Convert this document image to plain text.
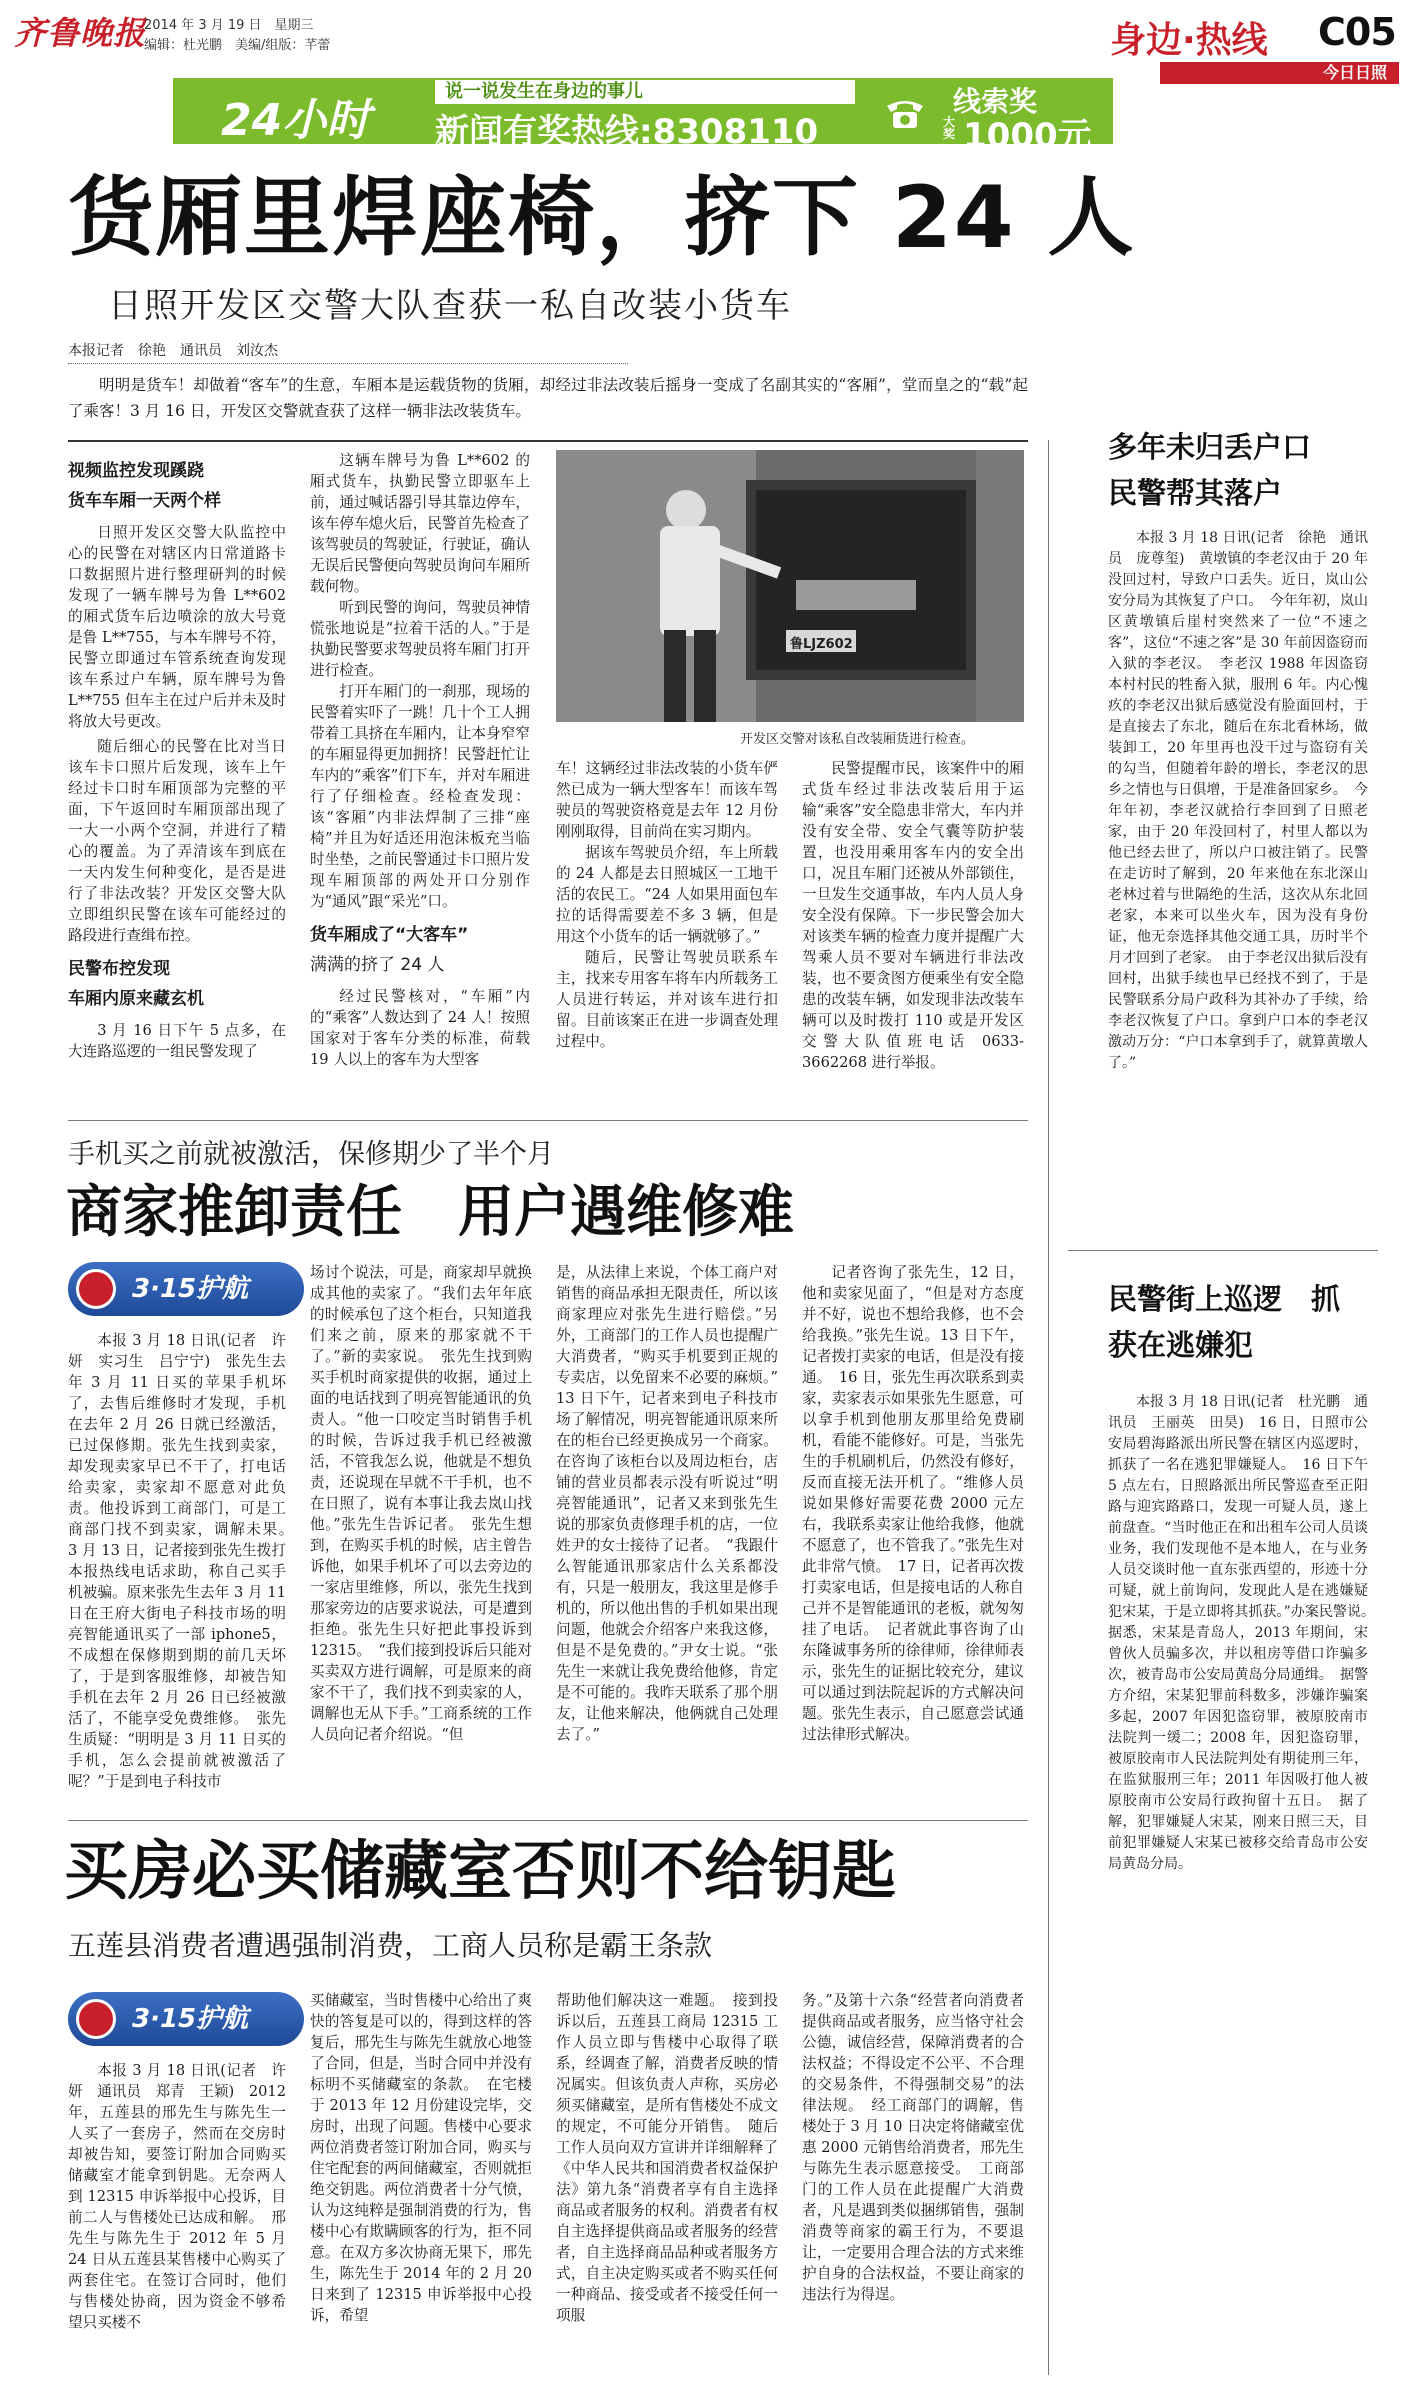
齐鲁晚报
2014 年 3 月 19 日　星期三
编辑：杜光鹏　美编/组版：芊蕾	身边·热线 C05
今日日照
24小时
说一说发生在身边的事儿
新闻有奖热线:8308110
线索奖
大奖 1000元
货厢里焊座椅，挤下 24 人
日照开发区交警大队查获一私自改装小货车
本报记者　徐艳　通讯员　刘汝杰

明明是货车！却做着“客车”的生意，车厢本是运载货物的货厢，却经过非法改装后摇身一变成了名副其实的“客厢”，堂而皇之的“载”起了乘客！3 月 16 日，开发区交警就查获了这样一辆非法改装货车。

视频监控发现蹊跷
货车车厢一天两个样

日照开发区交警大队监控中心的民警在对辖区内日常道路卡口数据照片进行整理研判的时候发现了一辆车牌号为鲁 L**602 的厢式货车后边喷涂的放大号竟是鲁 L**755，与本车牌号不符，民警立即通过车管系统查询发现该车系过户车辆，原车牌号为鲁 L**755 但车主在过户后并未及时将放大号更改。

随后细心的民警在比对当日该车卡口照片后发现，该车上午经过卡口时车厢顶部为完整的平面，下午返回时车厢顶部出现了一大一小两个空洞，并进行了精心的覆盖。为了弄清该车到底在一天内发生何种变化，是否是进行了非法改装？开发区交警大队立即组织民警在该车可能经过的路段进行查缉布控。

民警布控发现
车厢内原来藏玄机

3 月 16 日下午 5 点多，在大连路巡逻的一组民警发现了

这辆车牌号为鲁 L**602 的厢式货车，执勤民警立即驱车上前，通过喊话器引导其靠边停车，该车停车熄火后，民警首先检查了该驾驶员的驾驶证，行驶证，确认无误后民警便向驾驶员询问车厢所载何物。

听到民警的询问，驾驶员神情慌张地说是“拉着干活的人。”于是执勤民警要求驾驶员将车厢门打开进行检查。

打开车厢门的一刹那，现场的民警着实吓了一跳！几十个工人拥带着工具挤在车厢内，让本身窄窄的车厢显得更加拥挤！民警赶忙让车内的“乘客”们下车，并对车厢进行了仔细检查。经检查发现：该“客厢”内非法焊制了三排“座椅”并且为好适还用泡沫板充当临时坐垫，之前民警通过卡口照片发现车厢顶部的两处开口分别作为“通风”跟“采光”口。

货车厢成了“大客车”
满满的挤了 24 人

经过民警核对，“车厢”内的“乘客”人数达到了 24 人！按照国家对于客车分类的标准，荷载 19 人以上的客车为大型客

鲁LJZ602
开发区交警对该私自改装厢货进行检查。

车！这辆经过非法改装的小货车俨然已成为一辆大型客车！而该车驾驶员的驾驶资格竟是去年 12 月份刚刚取得，目前尚在实习期内。

据该车驾驶员介绍，车上所载的 24 人都是去日照城区一工地干活的农民工。“24 人如果用面包车拉的话得需要差不多 3 辆，但是用这个小货车的话一辆就够了。”

随后，民警让驾驶员联系车主，找来专用客车将车内所载务工人员进行转运，并对该车进行扣留。目前该案正在进一步调查处理过程中。

民警提醒市民，该案件中的厢式货车经过非法改装后用于运输“乘客”安全隐患非常大，车内并没有安全带、安全气囊等防护装置，也没用乘用客车内的安全出口，况且车厢门还被从外部锁住，一旦发生交通事故，车内人员人身安全没有保障。下一步民警会加大对该类车辆的检查力度并提醒广大驾乘人员不要对车辆进行非法改装，也不要贪图方便乘坐有安全隐患的改装车辆，如发现非法改装车辆可以及时拨打 110 或是开发区交警大队值班电话 0633-3662268 进行举报。

多年未归丢户口　民警帮其落户

本报 3 月 18 日讯(记者　徐艳　通讯员　庞尊玺)　黄墩镇的李老汉由于 20 年没回过村，导致户口丢失。近日，岚山公安分局为其恢复了户口。　今年年初，岚山区黄墩镇后崖村突然来了一位“不速之客”，这位“不速之客”是 30 年前因盗窃而入狱的李老汉。　李老汉 1988 年因盗窃本村村民的牲畜入狱，服刑 6 年。内心愧疚的李老汉出狱后感觉没有脸面回村，于是直接去了东北，随后在东北看林场，做装卸工，20 年里再也没干过与盗窃有关的勾当，但随着年龄的增长，李老汉的思乡之情也与日俱增，于是准备回家乡。　今年年初，李老汉就拾行李回到了日照老家，由于 20 年没回村了，村里人都以为他已经去世了，所以户口被注销了。民警在走访时了解到，20 年来他在东北深山老林过着与世隔绝的生活，这次从东北回老家，本来可以坐火车，因为没有身份证，他无奈选择其他交通工具，历时半个月才回到了老家。　由于李老汉出狱后没有回村，出狱手续也早已经找不到了，于是民警联系分局户政科为其补办了手续，给李老汉恢复了户口。拿到户口本的李老汉激动万分：“户口本拿到手了，就算黄墩人了。”

手机买之前就被激活，保修期少了半个月
商家推卸责任　用户遇维修难
3·15护航

本报 3 月 18 日讯(记者　许妍　实习生　吕宁宁)　张先生去年 3 月 11 日买的苹果手机坏了，去售后维修时才发现，手机在去年 2 月 26 日就已经激活，已过保修期。张先生找到卖家，却发现卖家早已不干了，打电话给卖家，卖家却不愿意对此负责。他投诉到工商部门，可是工商部门找不到卖家，调解未果。　3 月 13 日，记者接到张先生拨打本报热线电话求助，称自己买手机被骗。原来张先生去年 3 月 11 日在王府大街电子科技市场的明亮智能通讯买了一部 iphone5，不成想在保修期到期的前几天坏了，于是到客服维修，却被告知手机在去年 2 月 26 日已经被激活了，不能享受免费维修。　张先生质疑：“明明是 3 月 11 日买的手机，怎么会提前就被激活了呢？”于是到电子科技市

场讨个说法，可是，商家却早就换成其他的卖家了。“我们去年年底的时候承包了这个柜台，只知道我们来之前，原来的那家就不干了。”新的卖家说。　张先生找到购买手机时商家提供的收据，通过上面的电话找到了明亮智能通讯的负责人。“他一口咬定当时销售手机的时候，告诉过我手机已经被激活，不管我怎么说，他就是不想负责，还说现在早就不干手机，也不在日照了，说有本事让我去岚山找他。”张先生告诉记者。　张先生想到，在购买手机的时候，店主曾告诉他，如果手机坏了可以去旁边的一家店里维修，所以，张先生找到那家旁边的店要求说法，可是遭到拒绝。张先生只好把此事投诉到 12315。　“我们接到投诉后只能对买卖双方进行调解，可是原来的商家不干了，我们找不到卖家的人，调解也无从下手。”工商系统的工作人员向记者介绍说。“但

是，从法律上来说，个体工商户对销售的商品承担无限责任，所以该商家理应对张先生进行赔偿。”另外，工商部门的工作人员也提醒广大消费者，“购买手机要到正规的专卖店，以免留来不必要的麻烦。”　13 日下午，记者来到电子科技市场了解情况，明亮智能通讯原来所在的柜台已经更换成另一个商家。在咨询了该柜台以及周边柜台，店铺的营业员都表示没有听说过“明亮智能通讯”，记者又来到张先生说的那家负责修理手机的店，一位姓尹的女士接待了记者。　“我跟什么智能通讯那家店什么关系都没有，只是一般朋友，我这里是修手机的，所以他出售的手机如果出现问题，他就会介绍客户来我这修，但是不是免费的。”尹女士说。“张先生一来就让我免费给他修，肯定是不可能的。我昨天联系了那个朋友，让他来解决，他俩就自己处理去了。”

记者咨询了张先生，12 日，他和卖家见面了，“但是对方态度并不好，说也不想给我修，也不会给我换。”张先生说。13 日下午，记者拨打卖家的电话，但是没有接通。　16 日，张先生再次联系到卖家，卖家表示如果张先生愿意，可以拿手机到他朋友那里给免费刷机，看能不能修好。可是，当张先生的手机刷机后，仍然没有修好，反而直接无法开机了。“维修人员说如果修好需要花费 2000 元左右，我联系卖家让他给我修，他就不愿意了，也不管我了。”张先生对此非常气愤。　17 日，记者再次拨打卖家电话，但是接电话的人称自己并不是智能通讯的老板，就匆匆挂了电话。　记者就此事咨询了山东隆诚事务所的徐律师，徐律师表示，张先生的证据比较充分，建议可以通过到法院起诉的方式解决问题。张先生表示，自己愿意尝试通过法律形式解决。

民警街上巡逻　抓获在逃嫌犯

本报 3 月 18 日讯(记者　杜光鹏　通讯员　王丽英　田昊)　16 日，日照市公安局碧海路派出所民警在辖区内巡逻时，抓获了一名在逃犯罪嫌疑人。　16 日下午 5 点左右，日照路派出所民警巡查至正阳路与迎宾路路口，发现一可疑人员，遂上前盘查。“当时他正在和出租车公司人员谈业务，我们发现他不是本地人，在与业务人员交谈时他一直东张西望的，形迹十分可疑，就上前询问，发现此人是在逃嫌疑犯宋某，于是立即将其抓获。”办案民警说。　据悉，宋某是青岛人，2013 年期间，宋曾伙人员骗多次，并以租房等借口诈骗多次，被青岛市公安局黄岛分局通缉。　据警方介绍，宋某犯罪前科数多，涉嫌诈骗案多起，2007 年因犯盗窃罪，被原胶南市法院判一缓二；2008 年，因犯盗窃罪，被原胶南市人民法院判处有期徒刑三年，在监狱服刑三年；2011 年因吸打他人被原胶南市公安局行政拘留十五日。　据了解，犯罪嫌疑人宋某，刚来日照三天，目前犯罪嫌疑人宋某已被移交给青岛市公安局黄岛分局。

买房必买储藏室否则不给钥匙
五莲县消费者遭遇强制消费，工商人员称是霸王条款
3·15护航

本报 3 月 18 日讯(记者　许妍　通讯员　郑青　王颖)　2012 年，五莲县的邢先生与陈先生一人买了一套房子，然而在交房时却被告知，要签订附加合同购买储藏室才能拿到钥匙。无奈两人到 12315 申诉举报中心投诉，目前二人与售楼处已达成和解。　邢先生与陈先生于 2012 年 5 月 24 日从五莲县某售楼中心购买了两套住宅。在签订合同时，他们与售楼处协商，因为资金不够希望只买楼不

买储藏室，当时售楼中心给出了爽快的答复是可以的，得到这样的答复后，邢先生与陈先生就放心地签了合同，但是，当时合同中并没有标明不买储藏室的条款。　在宅楼于 2013 年 12 月份建设完毕，交房时，出现了问题。售楼中心要求两位消费者签订附加合同，购买与住宅配套的两间储藏室，否则就拒绝交钥匙。两位消费者十分气愤，认为这纯粹是强制消费的行为，售楼中心有欺瞒顾客的行为，拒不同意。在双方多次协商无果下，邢先生，陈先生于 2014 年的 2 月 20 日来到了 12315 申诉举报中心投诉，希望

帮助他们解决这一难题。　接到投诉以后，五莲县工商局 12315 工作人员立即与售楼中心取得了联系，经调查了解，消费者反映的情况属实。但该负责人声称，买房必须买储藏室，是所有售楼处不成文的规定，不可能分开销售。　随后工作人员向双方宣讲并详细解释了《中华人民共和国消费者权益保护法》第九条“消费者享有自主选择商品或者服务的权利。消费者有权自主选择提供商品或者服务的经营者，自主选择商品品种或者服务方式，自主决定购买或者不购买任何一种商品、接受或者不接受任何一项服

务。”及第十六条“经营者向消费者提供商品或者服务，应当恪守社会公德，诚信经营，保障消费者的合法权益；不得设定不公平、不合理的交易条件，不得强制交易”的法律法规。　经工商部门的调解，售楼处于 3 月 10 日决定将储藏室优惠 2000 元销售给消费者，邢先生与陈先生表示愿意接受。　工商部门的工作人员在此提醒广大消费者，凡是遇到类似捆绑销售，强制消费等商家的霸王行为，不要退让，一定要用合理合法的方式来维护自身的合法权益，不要让商家的违法行为得逞。
